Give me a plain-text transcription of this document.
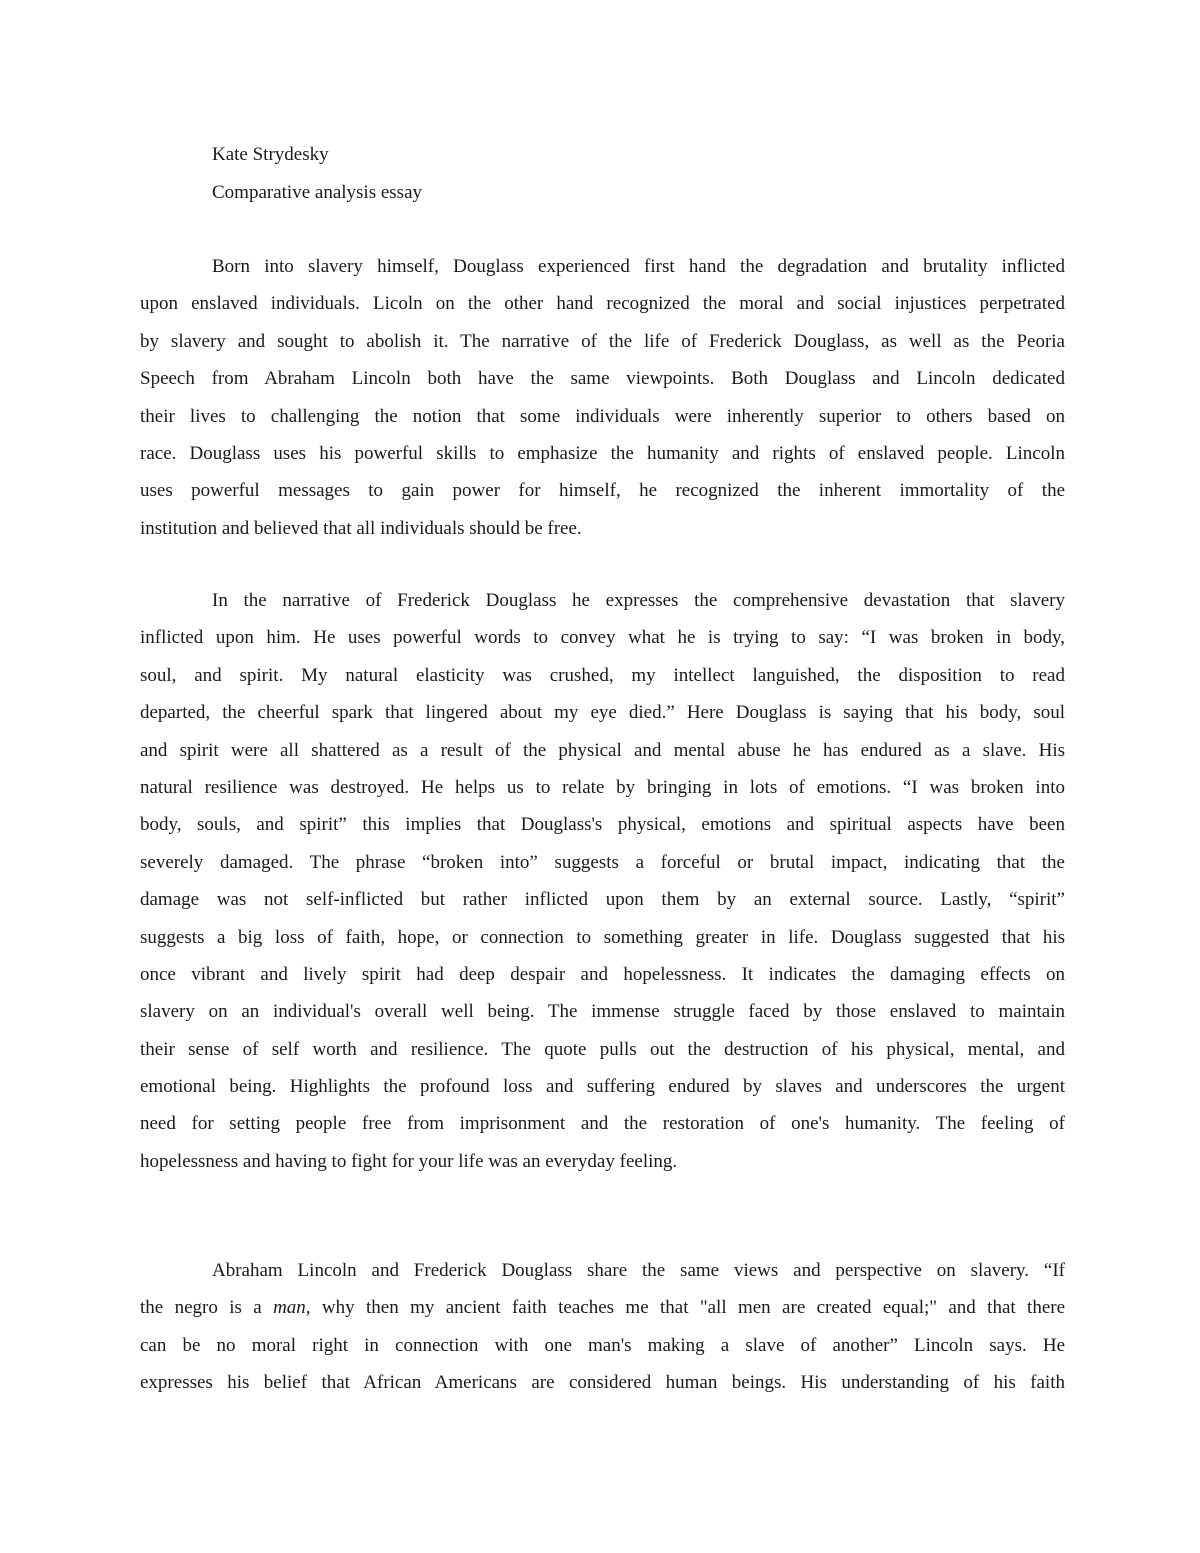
Kate Strydesky
Comparative analysis essay
Born into slavery himself, Douglass experienced first hand the degradation and brutality inflicted
upon enslaved individuals. Licoln on the other hand recognized the moral and social injustices perpetrated
by slavery and sought to abolish it. The narrative of the life of Frederick Douglass, as well as the Peoria
Speech from Abraham Lincoln both have the same viewpoints. Both Douglass and Lincoln dedicated
their lives to challenging the notion that some individuals were inherently superior to others based on
race. Douglass uses his powerful skills to emphasize the humanity and rights of enslaved people. Lincoln
uses powerful messages to gain power for himself, he recognized the inherent immortality of the
institution and believed that all individuals should be free.
In the narrative of Frederick Douglass he expresses the comprehensive devastation that slavery
inflicted upon him. He uses powerful words to convey what he is trying to say: “I was broken in body,
soul, and spirit. My natural elasticity was crushed, my intellect languished, the disposition to read
departed, the cheerful spark that lingered about my eye died.” Here Douglass is saying that his body, soul
and spirit were all shattered as a result of the physical and mental abuse he has endured as a slave. His
natural resilience was destroyed. He helps us to relate by bringing in lots of emotions. “I was broken into
body, souls, and spirit” this implies that Douglass's physical, emotions and spiritual aspects have been
severely damaged. The phrase “broken into” suggests a forceful or brutal impact, indicating that the
damage was not self-inflicted but rather inflicted upon them by an external source. Lastly, “spirit”
suggests a big loss of faith, hope, or connection to something greater in life. Douglass suggested that his
once vibrant and lively spirit had deep despair and hopelessness. It indicates the damaging effects on
slavery on an individual's overall well being. The immense struggle faced by those enslaved to maintain
their sense of self worth and resilience. The quote pulls out the destruction of his physical, mental, and
emotional being. Highlights the profound loss and suffering endured by slaves and underscores the urgent
need for setting people free from imprisonment and the restoration of one's humanity. The feeling of
hopelessness and having to fight for your life was an everyday feeling.
Abraham Lincoln and Frederick Douglass share the same views and perspective on slavery. “If
the negro is a man, why then my ancient faith teaches me that "all men are created equal;" and that there
can be no moral right in connection with one man's making a slave of another” Lincoln says. He
expresses his belief that African Americans are considered human beings. His understanding of his faith
